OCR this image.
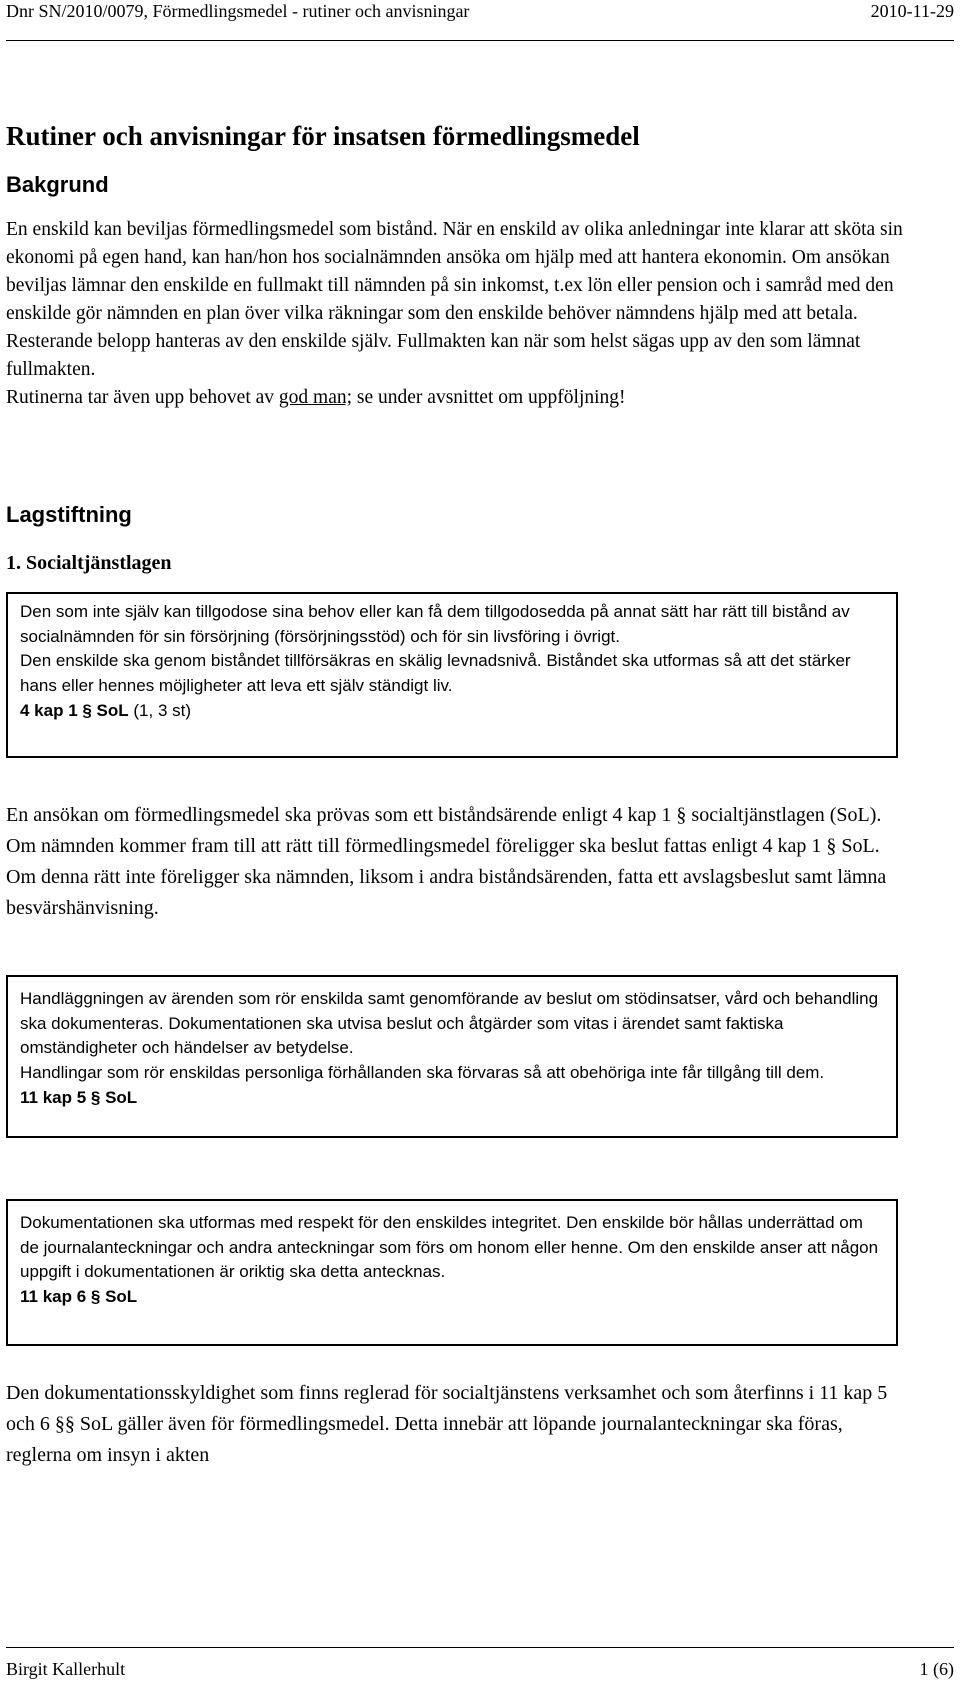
Dnr SN/2010/0079, Förmedlingsmedel - rutiner och anvisningar	2010-11-29
Rutiner och anvisningar för insatsen förmedlingsmedel
Bakgrund

En enskild kan beviljas förmedlingsmedel som bistånd. När en enskild av olika anledningar inte klarar att sköta sin ekonomi på egen hand, kan han/hon hos socialnämnden ansöka om hjälp med att hantera ekonomin. Om ansökan beviljas lämnar den enskilde en fullmakt till nämnden på sin inkomst, t.ex lön eller pension och i samråd med den enskilde gör nämnden en plan över vilka räkningar som den enskilde behöver nämndens hjälp med att betala. Resterande belopp hanteras av den enskilde själv. Fullmakten kan när som helst sägas upp av den som lämnat fullmakten.

Rutinerna tar även upp behovet av god man; se under avsnittet om uppföljning!

Lagstiftning
1. Socialtjänstlagen

Den som inte själv kan tillgodose sina behov eller kan få dem tillgodosedda på annat sätt har rätt till bistånd av socialnämnden för sin försörjning (försörjningsstöd) och för sin livsföring i övrigt.

Den enskilde ska genom biståndet tillförsäkras en skälig levnadsnivå. Biståndet ska utformas så att det stärker hans eller hennes möjligheter att leva ett själv ständigt liv.

4 kap 1 § SoL (1, 3 st)

En ansökan om förmedlingsmedel ska prövas som ett biståndsärende enligt 4 kap 1 § socialtjänstlagen (SoL). Om nämnden kommer fram till att rätt till förmedlingsmedel föreligger ska beslut fattas enligt 4 kap 1 § SoL. Om denna rätt inte föreligger ska nämnden, liksom i andra biståndsärenden, fatta ett avslagsbeslut samt lämna besvärshänvisning.

Handläggningen av ärenden som rör enskilda samt genomförande av beslut om stödinsatser, vård och behandling ska dokumenteras. Dokumentationen ska utvisa beslut och åtgärder som vitas i ärendet samt faktiska omständigheter och händelser av betydelse.

Handlingar som rör enskildas personliga förhållanden ska förvaras så att obehöriga inte får tillgång till dem.

11 kap 5 § SoL

Dokumentationen ska utformas med respekt för den enskildes integritet. Den enskilde bör hållas underrättad om de journalanteckningar och andra anteckningar som förs om honom eller henne. Om den enskilde anser att någon uppgift i dokumentationen är oriktig ska detta antecknas.

11 kap 6 § SoL

Den dokumentationsskyldighet som finns reglerad för socialtjänstens verksamhet och som återfinns i 11 kap 5 och 6 §§ SoL gäller även för förmedlingsmedel. Detta innebär att löpande journalanteckningar ska föras, reglerna om insyn i akten
Birgit Kallerhult	1 (6)
